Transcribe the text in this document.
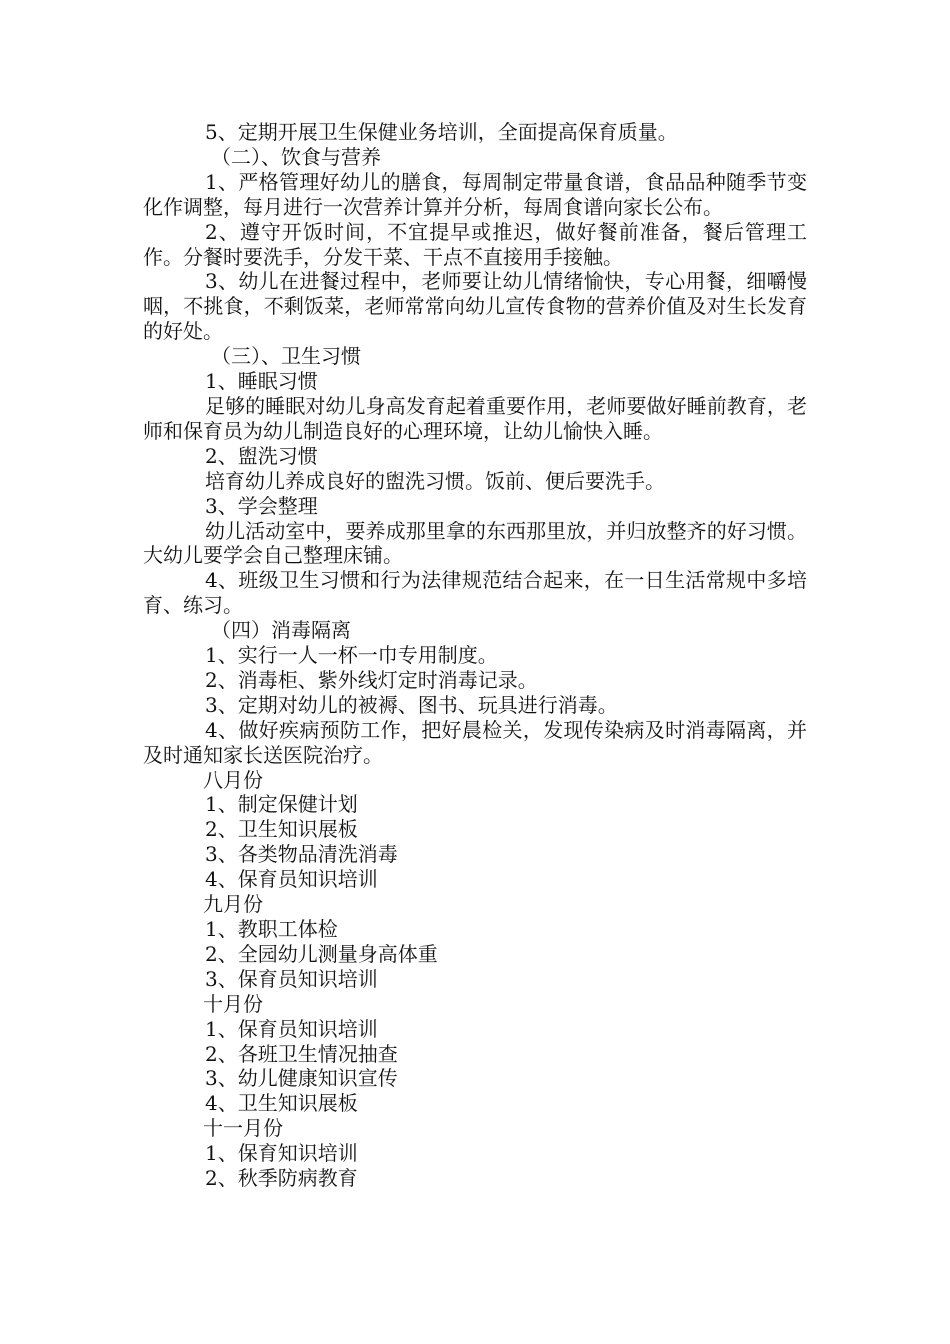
5、定期开展卫生保健业务培训，全面提高保育质量。

（二）、饮食与营养

1、严格管理好幼儿的膳食，每周制定带量食谱，食品品种随季节变化作调整，每月进行一次营养计算并分析，每周食谱向家长公布。

2、遵守开饭时间，不宜提早或推迟，做好餐前准备，餐后管理工作。分餐时要洗手，分发干菜、干点不直接用手接触。

3、幼儿在进餐过程中，老师要让幼儿情绪愉快，专心用餐，细嚼慢咽，不挑食，不剩饭菜，老师常常向幼儿宣传食物的营养价值及对生长发育的好处。

（三）、卫生习惯

1、睡眠习惯

足够的睡眠对幼儿身高发育起着重要作用，老师要做好睡前教育，老师和保育员为幼儿制造良好的心理环境，让幼儿愉快入睡。

2、盥洗习惯

培育幼儿养成良好的盥洗习惯。饭前、便后要洗手。

3、学会整理

幼儿活动室中，要养成那里拿的东西那里放，并归放整齐的好习惯。大幼儿要学会自己整理床铺。

4、班级卫生习惯和行为法律规范结合起来，在一日生活常规中多培育、练习。

（四）消毒隔离

1、实行一人一杯一巾专用制度。

2、消毒柜、紫外线灯定时消毒记录。

3、定期对幼儿的被褥、图书、玩具进行消毒。

4、做好疾病预防工作，把好晨检关，发现传染病及时消毒隔离，并及时通知家长送医院治疗。

八月份

1、制定保健计划

2、卫生知识展板

3、各类物品清洗消毒

4、保育员知识培训

九月份

1、教职工体检

2、全园幼儿测量身高体重

3、保育员知识培训

十月份

1、保育员知识培训

2、各班卫生情况抽查

3、幼儿健康知识宣传

4、卫生知识展板

十一月份

1、保育知识培训

2、秋季防病教育
